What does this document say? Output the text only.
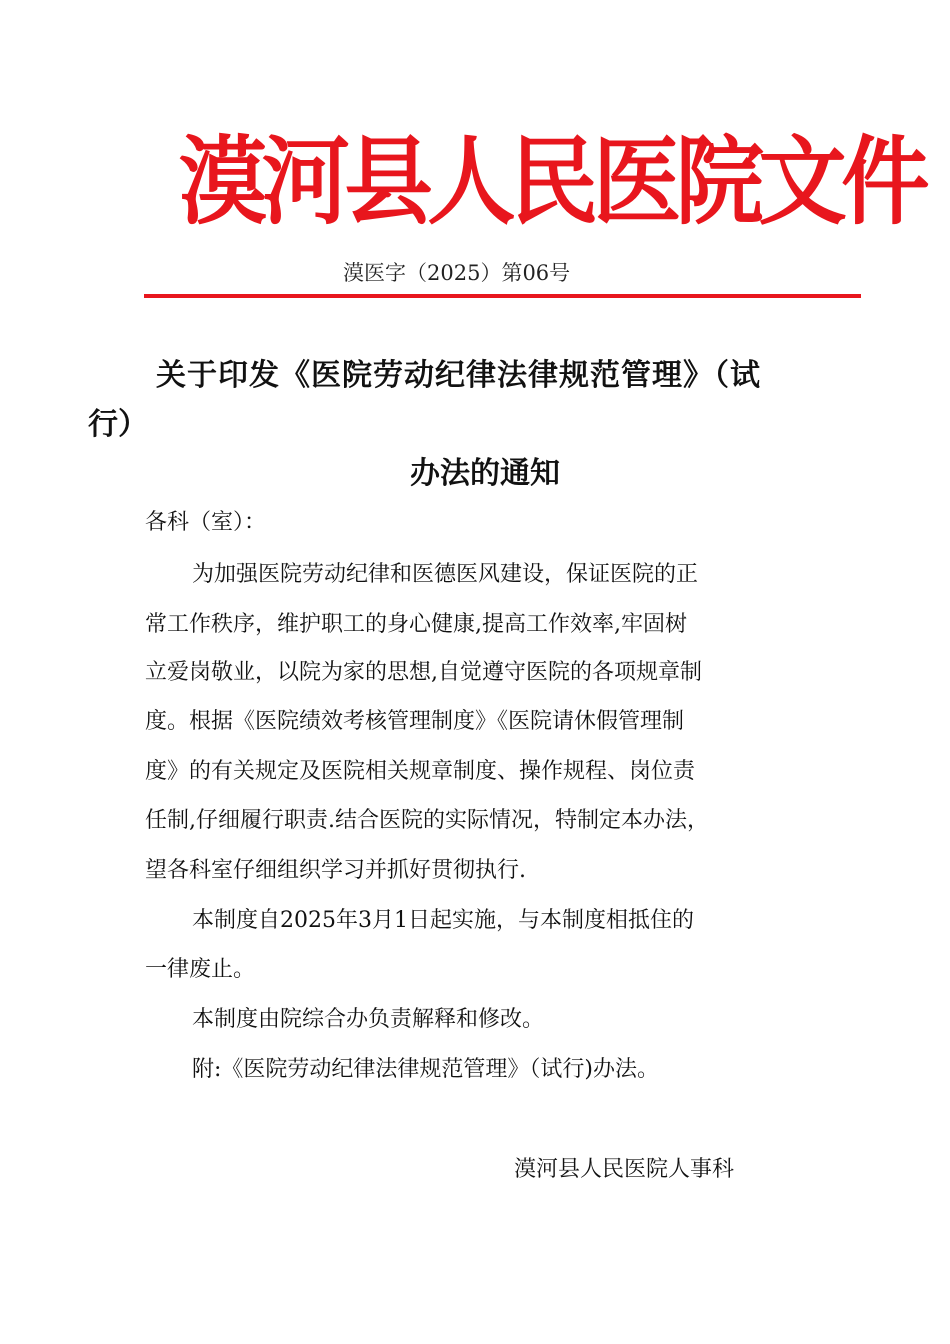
漠河县人民医院文件
漠医字（2025）第06号
关于印发《医院劳动纪律法律规范管理》（试
行）
办法的通知
各科（室）：
为加强医院劳动纪律和医德医风建设，保证医院的正
常工作秩序，维护职工的身心健康,提高工作效率,牢固树
立爱岗敬业，以院为家的思想,自觉遵守医院的各项规章制
度。根据《医院绩效考核管理制度》《医院请休假管理制
度》的有关规定及医院相关规章制度、操作规程、岗位责
任制,仔细履行职责.结合医院的实际情况，特制定本办法，
望各科室仔细组织学习并抓好贯彻执行.
本制度自2025年3月1日起实施，与本制度相抵住的
一律废止。
本制度由院综合办负责解释和修改。
附:《医院劳动纪律法律规范管理》（试行)办法。
漠河县人民医院人事科
